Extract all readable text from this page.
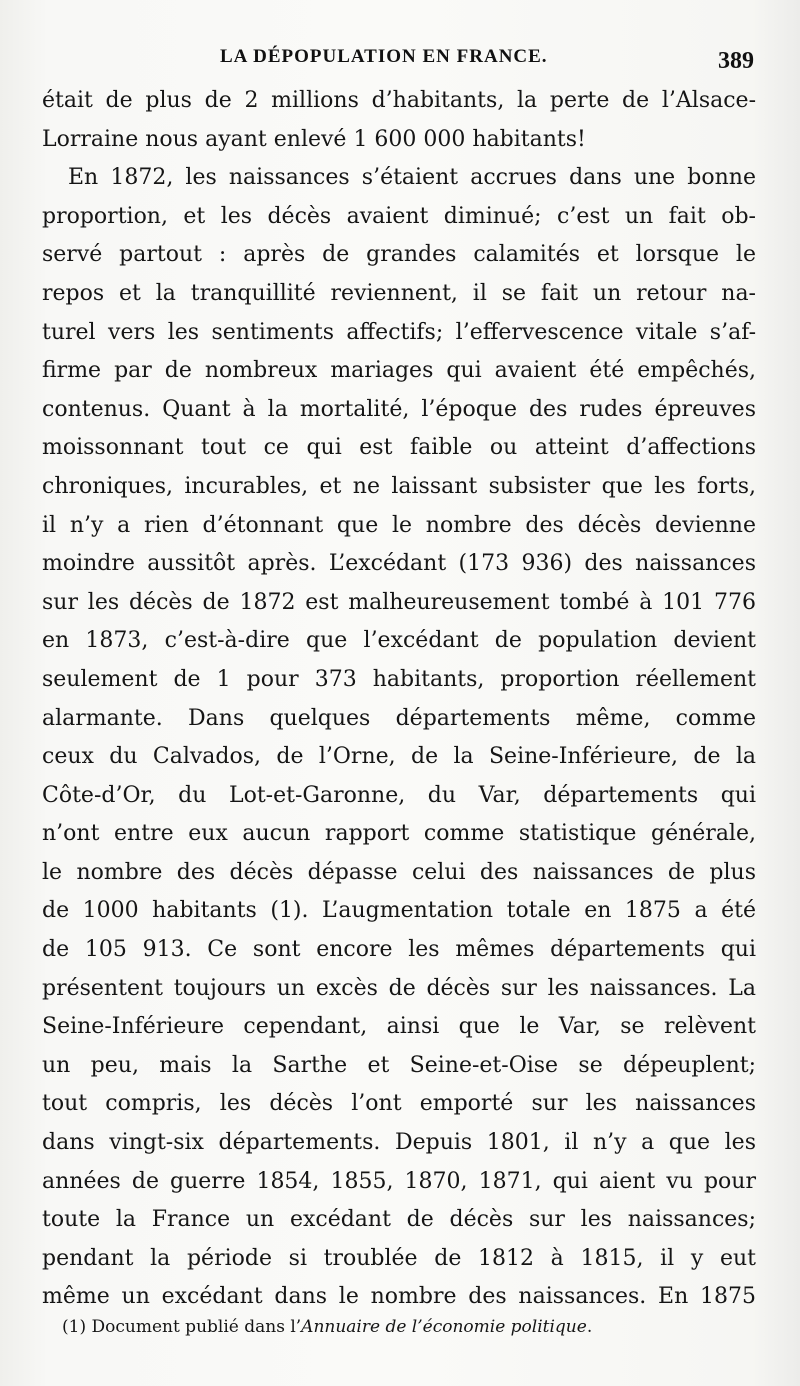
LA DÉPOPULATION EN FRANCE.	389
était de plus de 2 millions d’habitants, la perte de l’Alsace-
Lorraine nous ayant enlevé 1 600 000 habitants!
En 1872, les naissances s’étaient accrues dans une bonne
proportion, et les décès avaient diminué; c’est un fait ob-
servé partout : après de grandes calamités et lorsque le
repos et la tranquillité reviennent, il se fait un retour na-
turel vers les sentiments affectifs; l’effervescence vitale s’af-
firme par de nombreux mariages qui avaient été empêchés,
contenus. Quant à la mortalité, l’époque des rudes épreuves
moissonnant tout ce qui est faible ou atteint d’affections
chroniques, incurables, et ne laissant subsister que les forts,
il n’y a rien d’étonnant que le nombre des décès devienne
moindre aussitôt après. L’excédant (173 936) des naissances
sur les décès de 1872 est malheureusement tombé à 101 776
en 1873, c’est-à-dire que l’excédant de population devient
seulement de 1 pour 373 habitants, proportion réellement
alarmante. Dans quelques départements même, comme
ceux du Calvados, de l’Orne, de la Seine-Inférieure, de la
Côte-d’Or, du Lot-et-Garonne, du Var, départements qui
n’ont entre eux aucun rapport comme statistique générale,
le nombre des décès dépasse celui des naissances de plus
de 1000 habitants (1). L’augmentation totale en 1875 a été
de 105 913. Ce sont encore les mêmes départements qui
présentent toujours un excès de décès sur les naissances. La
Seine-Inférieure cependant, ainsi que le Var, se relèvent
un peu, mais la Sarthe et Seine-et-Oise se dépeuplent;
tout compris, les décès l’ont emporté sur les naissances
dans vingt-six départements. Depuis 1801, il n’y a que les
années de guerre 1854, 1855, 1870, 1871, qui aient vu pour
toute la France un excédant de décès sur les naissances;
pendant la période si troublée de 1812 à 1815, il y eut
même un excédant dans le nombre des naissances. En 1875
(1) Document publié dans l’Annuaire de l’économie politique.
